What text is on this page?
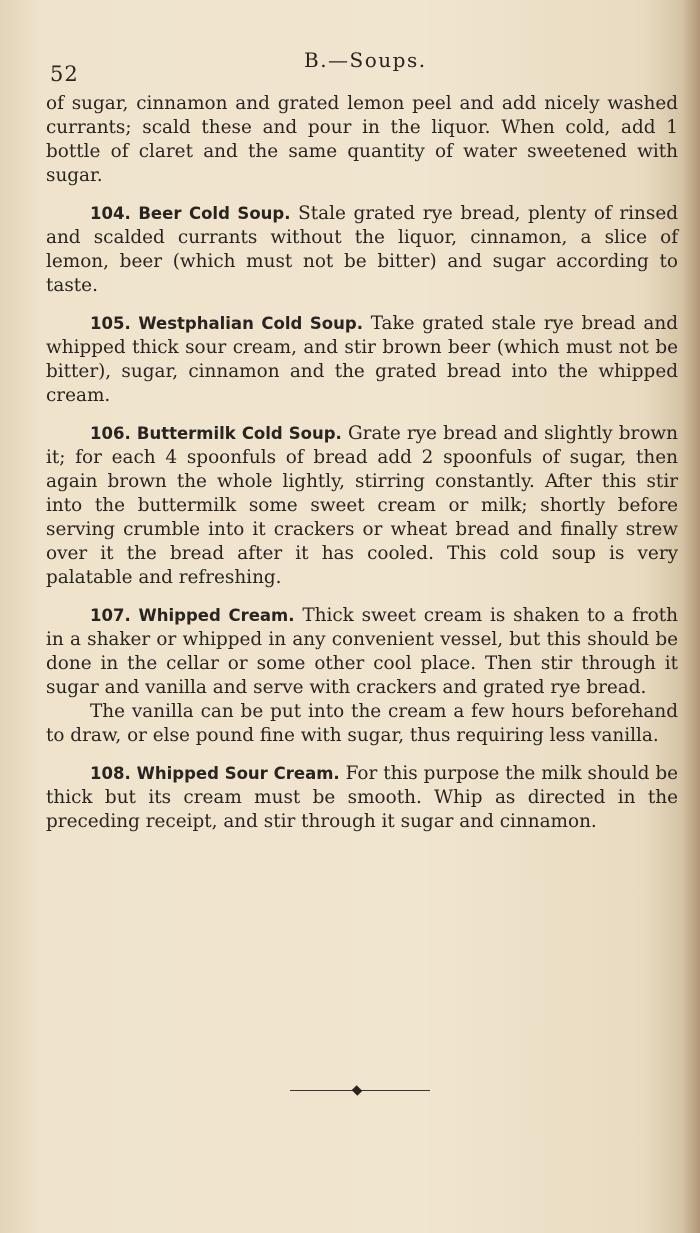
52
B.—Soups.

of sugar, cinnamon and grated lemon peel and add nicely washed currants; scald these and pour in the liquor. When cold, add 1 bottle of claret and the same quantity of water sweetened with sugar.

104. Beer Cold Soup. Stale grated rye bread, plenty of rinsed and scalded currants without the liquor, cinnamon, a slice of lemon, beer (which must not be bitter) and sugar according to taste.

105. Westphalian Cold Soup. Take grated stale rye bread and whipped thick sour cream, and stir brown beer (which must not be bitter), sugar, cinnamon and the grated bread into the whipped cream.

106. Buttermilk Cold Soup. Grate rye bread and slightly brown it; for each 4 spoonfuls of bread add 2 spoonfuls of sugar, then again brown the whole lightly, stirring constantly. After this stir into the buttermilk some sweet cream or milk; shortly before serving crumble into it crackers or wheat bread and finally strew over it the bread after it has cooled. This cold soup is very palatable and refreshing.

107. Whipped Cream. Thick sweet cream is shaken to a froth in a shaker or whipped in any convenient vessel, but this should be done in the cellar or some other cool place. Then stir through it sugar and vanilla and serve with crackers and grated rye bread.

The vanilla can be put into the cream a few hours beforehand to draw, or else pound fine with sugar, thus requiring less vanilla.

108. Whipped Sour Cream. For this purpose the milk should be thick but its cream must be smooth. Whip as directed in the preceding receipt, and stir through it sugar and cinnamon.
